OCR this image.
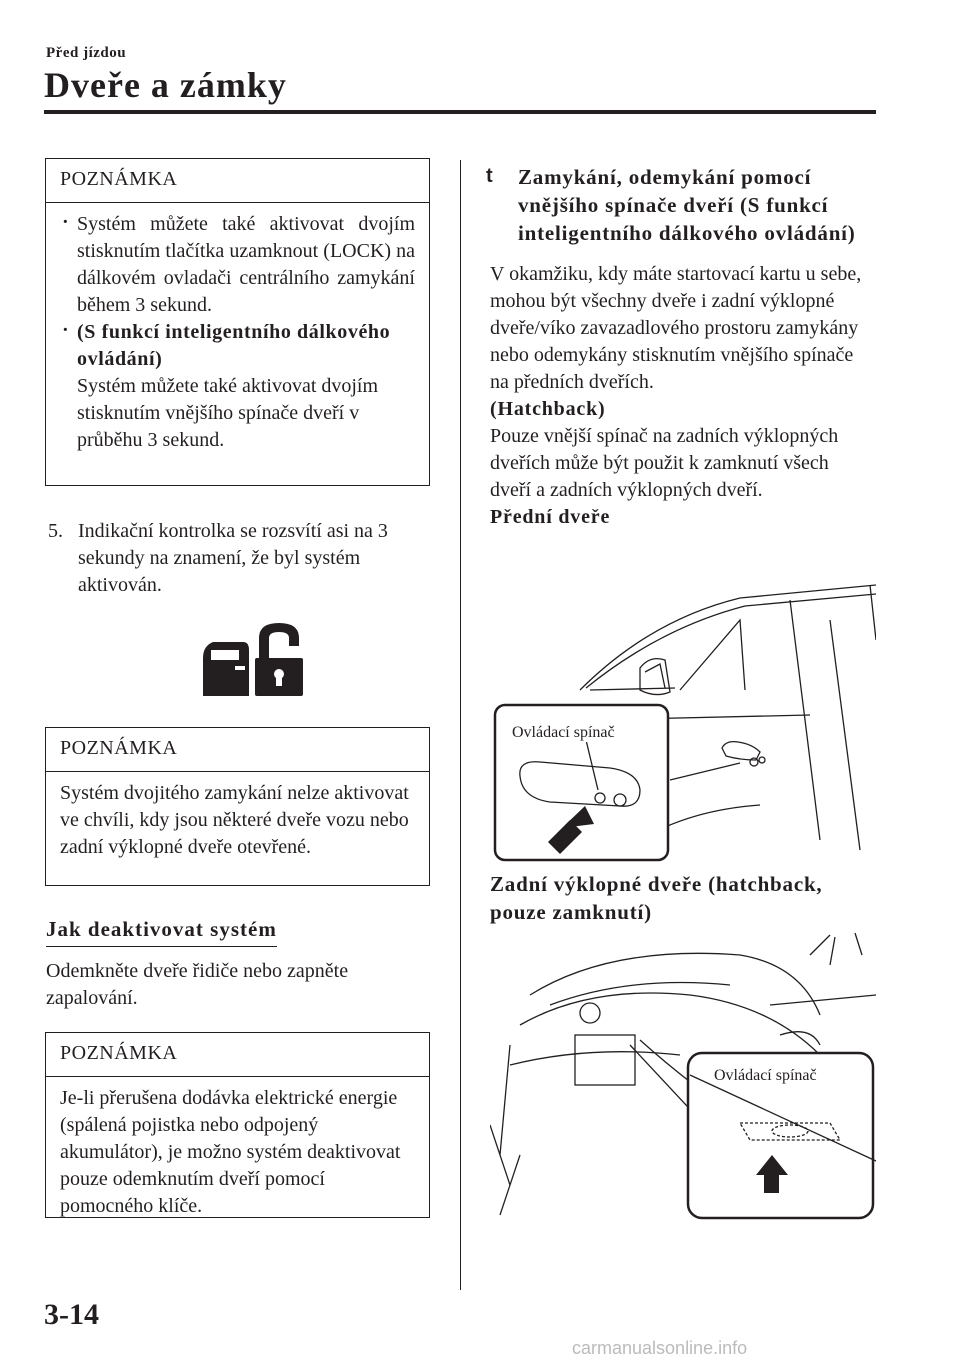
Před jízdou
Dveře a zámky
POZNÁMKA
· Systém můžete také aktivovat dvojím stisknutím tlačítka uzamknout (LOCK) na dálkovém ovladači centrálního zamykání během 3 sekund.
· (S funkcí inteligentního dálkového ovládání)
Systém můžete také aktivovat dvojím stisknutím vnějšího spínače dveří v průběhu 3 sekund.
5. Indikační kontrolka se rozsvítí asi na 3 sekundy na znamení, že byl systém aktivován.
POZNÁMKA
Systém dvojitého zamykání nelze aktivovat ve chvíli, kdy jsou některé dveře vozu nebo zadní výklopné dveře otevřené.
Jak deaktivovat systém
Odemkněte dveře řidiče nebo zapněte zapalování.
POZNÁMKA
Je-li přerušena dodávka elektrické energie (spálená pojistka nebo odpojený akumulátor), je možno systém deaktivovat pouze odemknutím dveří pomocí pomocného klíče.
t Zamykání, odemykání pomocí vnějšího spínače dveří (S funkcí inteligentního dálkového ovládání)
V okamžiku, kdy máte startovací kartu u sebe, mohou být všechny dveře i zadní výklopné dveře/víko zavazadlového prostoru zamykány nebo odemykány stisknutím vnějšího spínače na předních dveřích.
(Hatchback)
Pouze vnější spínač na zadních výklopných dveřích může být použit k zamknutí všech dveří a zadních výklopných dveří.
Přední dveře
Ovládací spínač
Zadní výklopné dveře (hatchback, pouze zamknutí)
Ovládací spínač
3-14
carmanualsonline.info
